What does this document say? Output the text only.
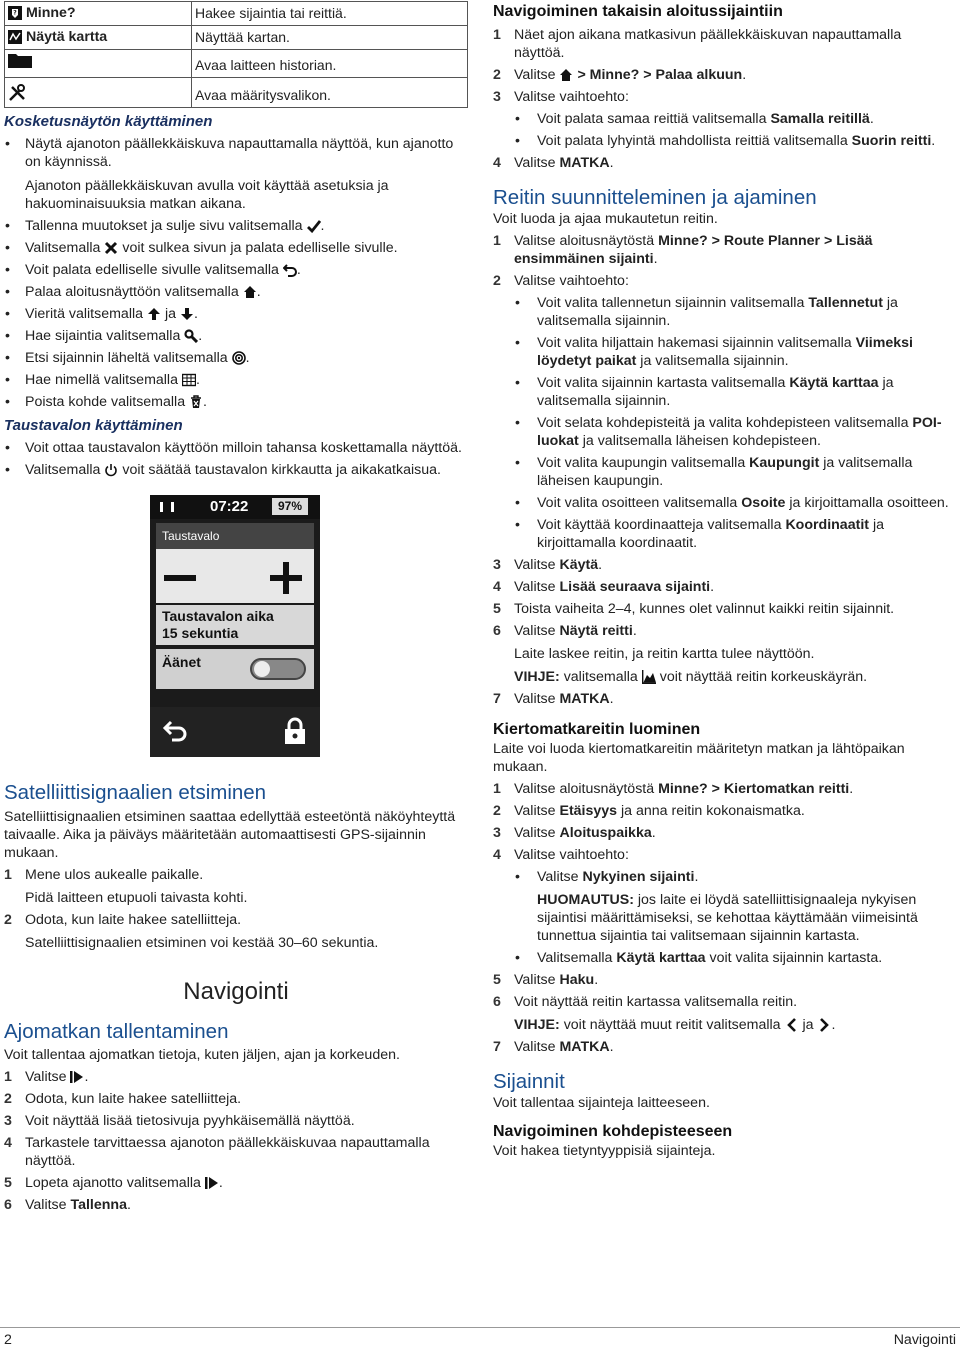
? Minne?	Hakee sijaintia tai reittiä.

Näytä kartta	Näyttää kartan.

	Avaa laitteen historian.

	Avaa määritysvalikon.
Kosketusnäytön käyttäminen
• Näytä ajanoton päällekkäiskuva napauttamalla näyttöä, kun ajanotto on käynnissä.

Ajanoton päällekkäiskuvan avulla voit käyttää asetuksia ja hakuominaisuuksia matkan aikana.

• Tallenna muutokset ja sulje sivu valitsemalla .
• Valitsemalla voit sulkea sivun ja palata edelliselle sivulle.
• Voit palata edelliselle sivulle valitsemalla .
• Palaa aloitusnäyttöön valitsemalla .
• Vieritä valitsemalla ja .
• Hae sijaintia valitsemalla .
• Etsi sijainnin läheltä valitsemalla .
• Hae nimellä valitsemalla .
• Poista kohde valitsemalla .
Taustavalon käyttäminen
• Voit ottaa taustavalon käyttöön milloin tahansa koskettamalla näyttöä.
• Valitsemalla voit säätää taustavalon kirkkautta ja aikakatkaisua.
07:22	97%
Taustavalo
Taustavalon aika
15 sekuntia
Äänet
Satelliittisignaalien etsiminen

Satelliittisignaalien etsiminen saattaa edellyttää esteetöntä näköyhteyttä taivaalle. Aika ja päiväys määritetään automaattisesti GPS-sijainnin mukaan.

1 Mene ulos aukealle paikalle.

Pidä laitteen etupuoli taivasta kohti.

2 Odota, kun laite hakee satelliitteja.

Satelliittisignaalien etsiminen voi kestää 30–60 sekuntia.

Navigointi
Ajomatkan tallentaminen

Voit tallentaa ajomatkan tietoja, kuten jäljen, ajan ja korkeuden.

1 Valitse .
2 Odota, kun laite hakee satelliitteja.
3 Voit näyttää lisää tietosivuja pyyhkäisemällä näyttöä.
4 Tarkastele tarvittaessa ajanoton päällekkäiskuvaa napauttamalla näyttöä.
5 Lopeta ajanotto valitsemalla .
6 Valitse Tallenna.
Navigoiminen takaisin aloitussijaintiin
1 Näet ajon aikana matkasivun päällekkäiskuvan napauttamalla näyttöä.
2 Valitse > Minne? > Palaa alkuun.
3 Valitse vaihtoehto:
• Voit palata samaa reittiä valitsemalla Samalla reitillä.
• Voit palata lyhyintä mahdollista reittiä valitsemalla Suorin reitti.
4 Valitse MATKA.
Reitin suunnitteleminen ja ajaminen

Voit luoda ja ajaa mukautetun reitin.

1 Valitse aloitusnäytöstä Minne? > Route Planner > Lisää ensimmäinen sijainti.
2 Valitse vaihtoehto:
• Voit valita tallennetun sijainnin valitsemalla Tallennetut ja valitsemalla sijainnin.
• Voit valita hiljattain hakemasi sijainnin valitsemalla Viimeksi löydetyt paikat ja valitsemalla sijainnin.
• Voit valita sijainnin kartasta valitsemalla Käytä karttaa ja valitsemalla sijainnin.
• Voit selata kohdepisteitä ja valita kohdepisteen valitsemalla POI-luokat ja valitsemalla läheisen kohdepisteen.
• Voit valita kaupungin valitsemalla Kaupungit ja valitsemalla läheisen kaupungin.
• Voit valita osoitteen valitsemalla Osoite ja kirjoittamalla osoitteen.
• Voit käyttää koordinaatteja valitsemalla Koordinaatit ja kirjoittamalla koordinaatit.
3 Valitse Käytä.
4 Valitse Lisää seuraava sijainti.
5 Toista vaiheita 2–4, kunnes olet valinnut kaikki reitin sijainnit.
6 Valitse Näytä reitti.

Laite laskee reitin, ja reitin kartta tulee näyttöön.

VIHJE: valitsemalla voit näyttää reitin korkeuskäyrän.

7 Valitse MATKA.
Kiertomatkareitin luominen

Laite voi luoda kiertomatkareitin määritetyn matkan ja lähtöpaikan mukaan.

1 Valitse aloitusnäytöstä Minne? > Kiertomatkan reitti.
2 Valitse Etäisyys ja anna reitin kokonaismatka.
3 Valitse Aloituspaikka.
4 Valitse vaihtoehto:
• Valitse Nykyinen sijainti.

HUOMAUTUS: jos laite ei löydä satelliittisignaaleja nykyisen sijaintisi määrittämiseksi, se kehottaa käyttämään viimeisintä tunnettua sijaintia tai valitsemaan sijainnin kartasta.

• Valitsemalla Käytä karttaa voit valita sijainnin kartasta.
5 Valitse Haku.
6 Voit näyttää reitin kartassa valitsemalla reitin.

VIHJE: voit näyttää muut reitit valitsemalla ja .

7 Valitse MATKA.
Sijainnit

Voit tallentaa sijainteja laitteeseen.

Navigoiminen kohdepisteeseen

Voit hakea tietyntyyppisiä sijainteja.

2	Navigointi
